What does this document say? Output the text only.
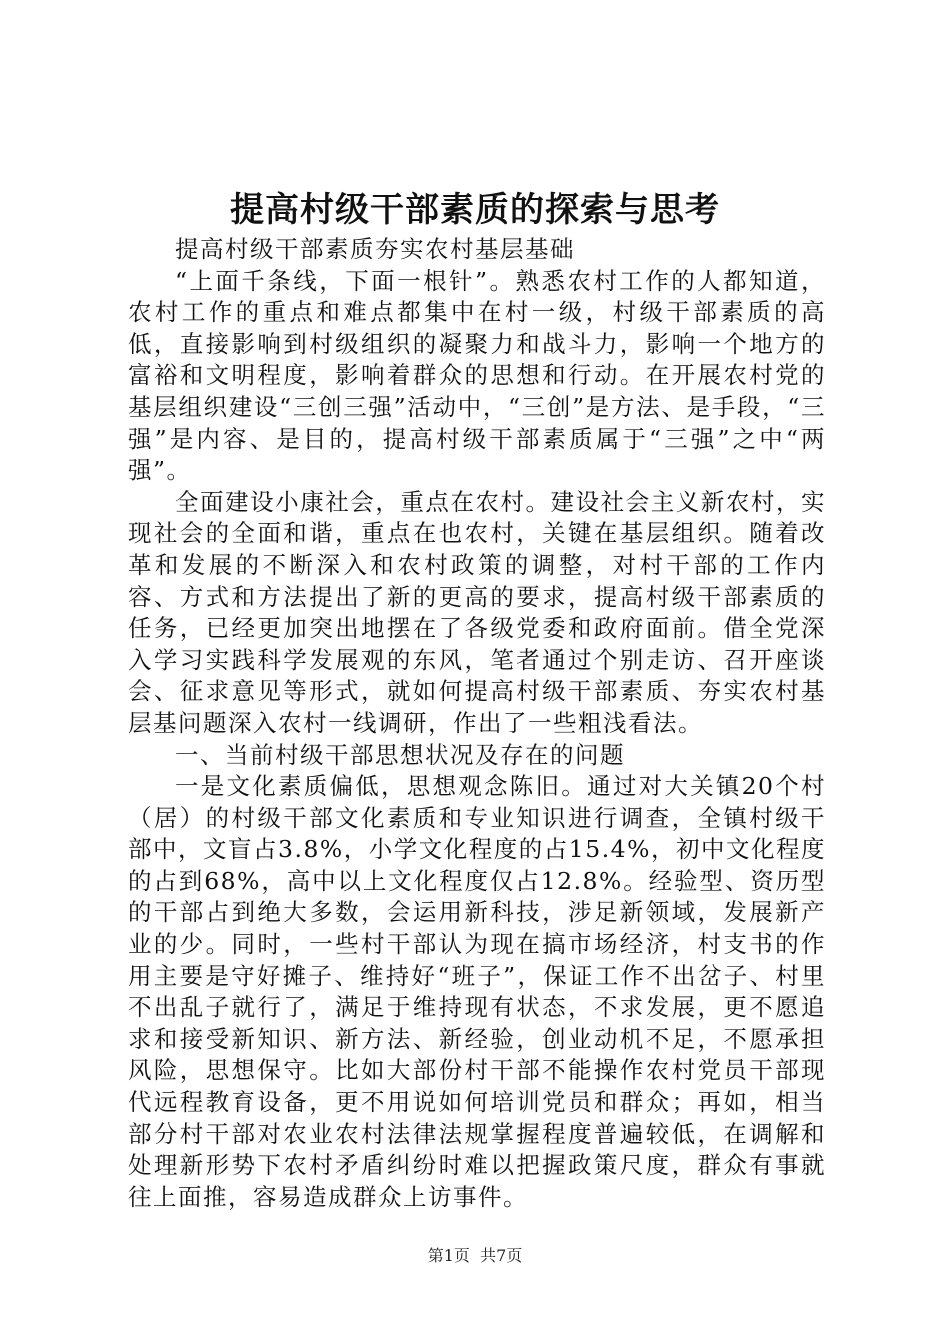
提高村级干部素质的探索与思考

提高村级干部素质夯实农村基层基础

“上面千条线，下面一根针”。熟悉农村工作的人都知道，农村工作的重点和难点都集中在村一级，村级干部素质的高低，直接影响到村级组织的凝聚力和战斗力，影响一个地方的富裕和文明程度，影响着群众的思想和行动。在开展农村党的基层组织建设“三创三强”活动中，“三创”是方法、是手段，“三强”是内容、是目的，提高村级干部素质属于“三强”之中“两强”。

全面建设小康社会，重点在农村。建设社会主义新农村，实现社会的全面和谐，重点在也农村，关键在基层组织。随着改革和发展的不断深入和农村政策的调整，对村干部的工作内容、方式和方法提出了新的更高的要求，提高村级干部素质的任务，已经更加突出地摆在了各级党委和政府面前。借全党深入学习实践科学发展观的东风，笔者通过个别走访、召开座谈会、征求意见等形式，就如何提高村级干部素质、夯实农村基层基问题深入农村一线调研，作出了一些粗浅看法。

一、当前村级干部思想状况及存在的问题

一是文化素质偏低，思想观念陈旧。通过对大关镇20个村（居）的村级干部文化素质和专业知识进行调查，全镇村级干部中，文盲占3.8%，小学文化程度的占15.4%，初中文化程度的占到68%，高中以上文化程度仅占12.8%。经验型、资历型的干部占到绝大多数，会运用新科技，涉足新领域，发展新产业的少。同时，一些村干部认为现在搞市场经济，村支书的作用主要是守好摊子、维持好“班子”，保证工作不出岔子、村里不出乱子就行了，满足于维持现有状态，不求发展，更不愿追求和接受新知识、新方法、新经验，创业动机不足，不愿承担风险，思想保守。比如大部份村干部不能操作农村党员干部现代远程教育设备，更不用说如何培训党员和群众；再如，相当部分村干部对农业农村法律法规掌握程度普遍较低，在调解和处理新形势下农村矛盾纠纷时难以把握政策尺度，群众有事就往上面推，容易造成群众上访事件。

第1页  共7页
